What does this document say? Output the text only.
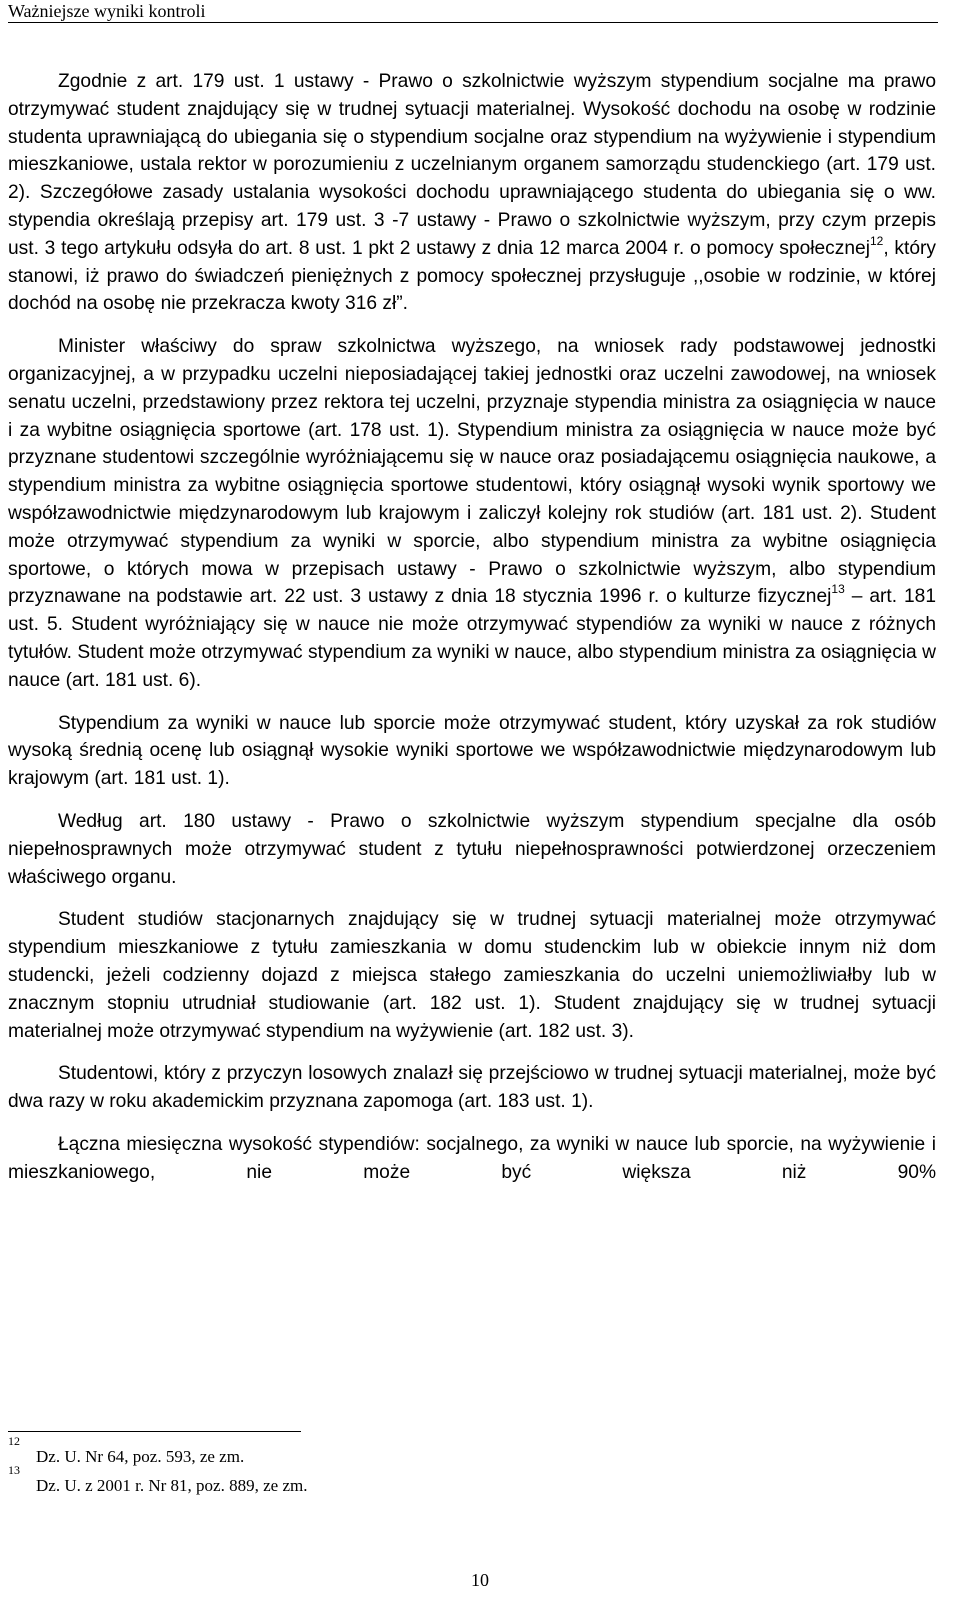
Ważniejsze wyniki kontroli

Zgodnie z art. 179 ust. 1 ustawy - Prawo o szkolnictwie wyższym stypendium socjalne ma prawo otrzymywać student znajdujący się w trudnej sytuacji materialnej. Wysokość dochodu na osobę w rodzinie studenta uprawniającą do ubiegania się o stypendium socjalne oraz stypendium na wyżywienie i stypendium mieszkaniowe, ustala rektor w porozumieniu z uczelnianym organem samorządu studenckiego (art. 179 ust. 2). Szczegółowe zasady ustalania wysokości dochodu uprawniającego studenta do ubiegania się o ww. stypendia określają przepisy art. 179 ust. 3 -7 ustawy - Prawo o szkolnictwie wyższym, przy czym przepis ust. 3 tego artykułu odsyła do art. 8 ust. 1 pkt 2 ustawy z dnia 12 marca 2004 r. o pomocy społecznej$^{12}$, który stanowi, iż prawo do świadczeń pieniężnych z pomocy społecznej przysługuje ,,osobie w rodzinie, w której dochód na osobę nie przekracza kwoty 316 zł”.

Minister właściwy do spraw szkolnictwa wyższego, na wniosek rady podstawowej jednostki organizacyjnej, a w przypadku uczelni nieposiadającej takiej jednostki oraz uczelni zawodowej, na wniosek senatu uczelni, przedstawiony przez rektora tej uczelni, przyznaje stypendia ministra za osiągnięcia w nauce i za wybitne osiągnięcia sportowe (art. 178 ust. 1). Stypendium ministra za osiągnięcia w nauce może być przyznane studentowi szczególnie wyróżniającemu się w nauce oraz posiadającemu osiągnięcia naukowe, a stypendium ministra za wybitne osiągnięcia sportowe studentowi, który osiągnął wysoki wynik sportowy we współzawodnictwie międzynarodowym lub krajowym i zaliczył kolejny rok studiów (art. 181 ust. 2). Student może otrzymywać stypendium za wyniki w sporcie, albo stypendium ministra za wybitne osiągnięcia sportowe, o których mowa w przepisach ustawy - Prawo o szkolnictwie wyższym, albo stypendium przyznawane na podstawie art. 22 ust. 3 ustawy z dnia 18 stycznia 1996 r. o kulturze fizycznej$^{13}$ – art. 181 ust. 5. Student wyróżniający się w nauce nie może otrzymywać stypendiów za wyniki w nauce z różnych tytułów. Student może otrzymywać stypendium za wyniki w nauce, albo stypendium ministra za osiągnięcia w nauce (art. 181 ust. 6).

Stypendium za wyniki w nauce lub sporcie może otrzymywać student, który uzyskał za rok studiów wysoką średnią ocenę lub osiągnął wysokie wyniki sportowe we współzawodnictwie międzynarodowym lub krajowym (art. 181 ust. 1).

Według art. 180 ustawy - Prawo o szkolnictwie wyższym stypendium specjalne dla osób niepełnosprawnych może otrzymywać student z tytułu niepełnosprawności potwierdzonej orzeczeniem właściwego organu.

Student studiów stacjonarnych znajdujący się w trudnej sytuacji materialnej może otrzymywać stypendium mieszkaniowe z tytułu zamieszkania w domu studenckim lub w obiekcie innym niż dom studencki, jeżeli codzienny dojazd z miejsca stałego zamieszkania do uczelni uniemożliwiałby lub w znacznym stopniu utrudniał studiowanie (art. 182 ust. 1). Student znajdujący się w trudnej sytuacji materialnej może otrzymywać stypendium na wyżywienie (art. 182 ust. 3).

Studentowi, który z przyczyn losowych znalazł się przejściowo w trudnej sytuacji materialnej, może być dwa razy w roku akademickim przyznana zapomoga (art. 183 ust. 1).

Łączna miesięczna wysokość stypendiów: socjalnego, za wyniki w nauce lub sporcie, na wyżywienie i mieszkaniowego, nie może być większa niż 90%

12
Dz. U. Nr 64, poz. 593, ze zm.
13
Dz. U. z 2001 r. Nr 81, poz. 889, ze zm.
10
